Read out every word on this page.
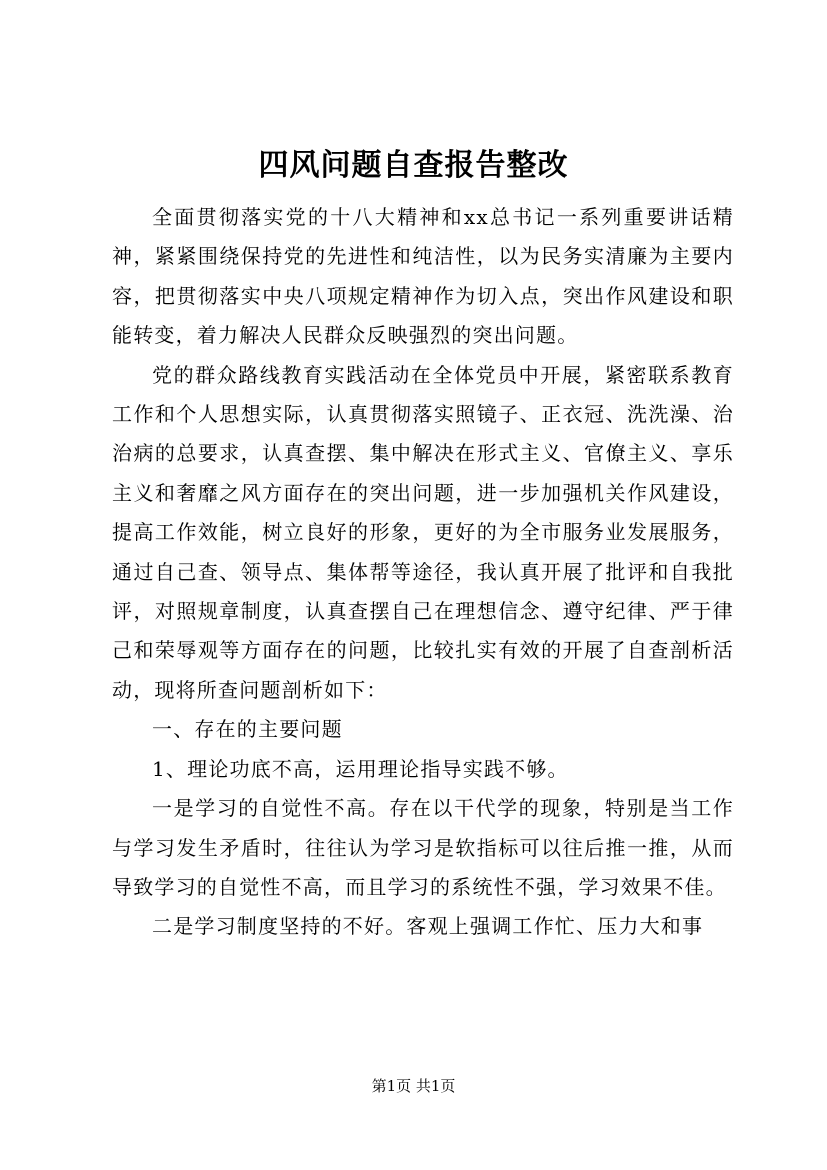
四风问题自查报告整改

全面贯彻落实党的十八大精神和xx总书记一系列重要讲话精神，紧紧围绕保持党的先进性和纯洁性，以为民务实清廉为主要内容，把贯彻落实中央八项规定精神作为切入点，突出作风建设和职能转变，着力解决人民群众反映强烈的突出问题。

党的群众路线教育实践活动在全体党员中开展，紧密联系教育工作和个人思想实际，认真贯彻落实照镜子、正衣冠、洗洗澡、治治病的总要求，认真查摆、集中解决在形式主义、官僚主义、享乐主义和奢靡之风方面存在的突出问题，进一步加强机关作风建设，提高工作效能，树立良好的形象，更好的为全市服务业发展服务，通过自己查、领导点、集体帮等途径，我认真开展了批评和自我批评，对照规章制度，认真查摆自己在理想信念、遵守纪律、严于律己和荣辱观等方面存在的问题，比较扎实有效的开展了自查剖析活动，现将所查问题剖析如下：

一、存在的主要问题

1、理论功底不高，运用理论指导实践不够。

一是学习的自觉性不高。存在以干代学的现象，特别是当工作与学习发生矛盾时，往往认为学习是软指标可以往后推一推，从而导致学习的自觉性不高，而且学习的系统性不强，学习效果不佳。

二是学习制度坚持的不好。客观上强调工作忙、压力大和事

第1页 共1页
